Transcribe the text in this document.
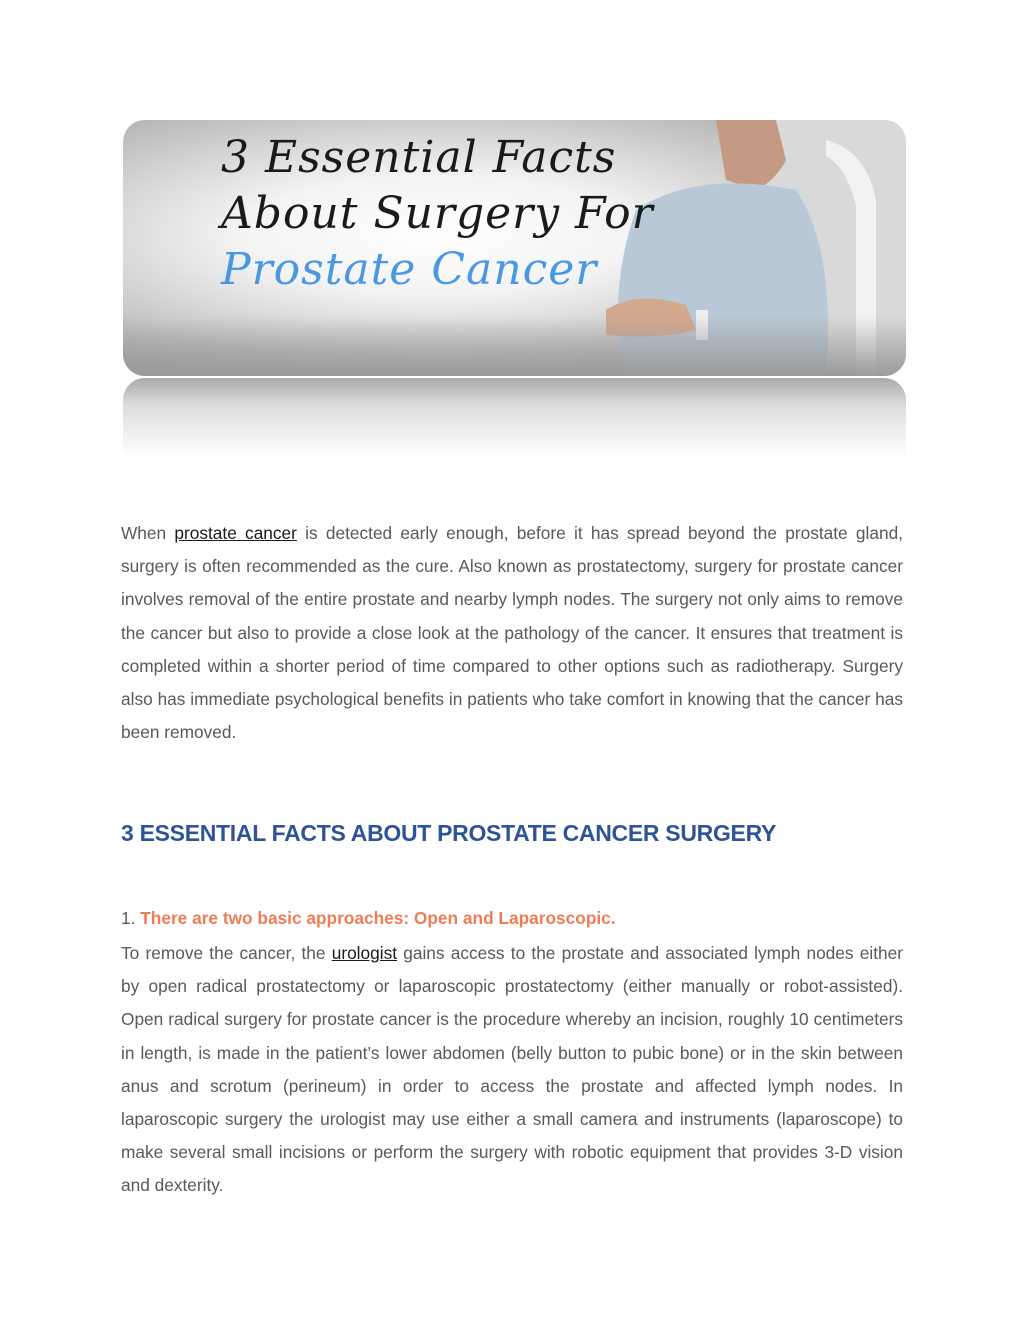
3 Essential Facts
About Surgery For
Prostate Cancer

When prostate cancer is detected early enough, before it has spread beyond the prostate gland, surgery is often recommended as the cure. Also known as prostatectomy, surgery for prostate cancer involves removal of the entire prostate and nearby lymph nodes. The surgery not only aims to remove the cancer but also to provide a close look at the pathology of the cancer. It ensures that treatment is completed within a shorter period of time compared to other options such as radiotherapy. Surgery also has immediate psychological benefits in patients who take comfort in knowing that the cancer has been removed.

3 ESSENTIAL FACTS ABOUT PROSTATE CANCER SURGERY
1. There are two basic approaches: Open and Laparoscopic.

To remove the cancer, the urologist gains access to the prostate and associated lymph nodes either by open radical prostatectomy or laparoscopic prostatectomy (either manually or robot-assisted). Open radical surgery for prostate cancer is the procedure whereby an incision, roughly 10 centimeters in length, is made in the patient’s lower abdomen (belly button to pubic bone) or in the skin between anus and scrotum (perineum) in order to access the prostate and affected lymph nodes. In laparoscopic surgery the urologist may use either a small camera and instruments (laparoscope) to make several small incisions or perform the surgery with robotic equipment that provides 3-D vision and dexterity.
